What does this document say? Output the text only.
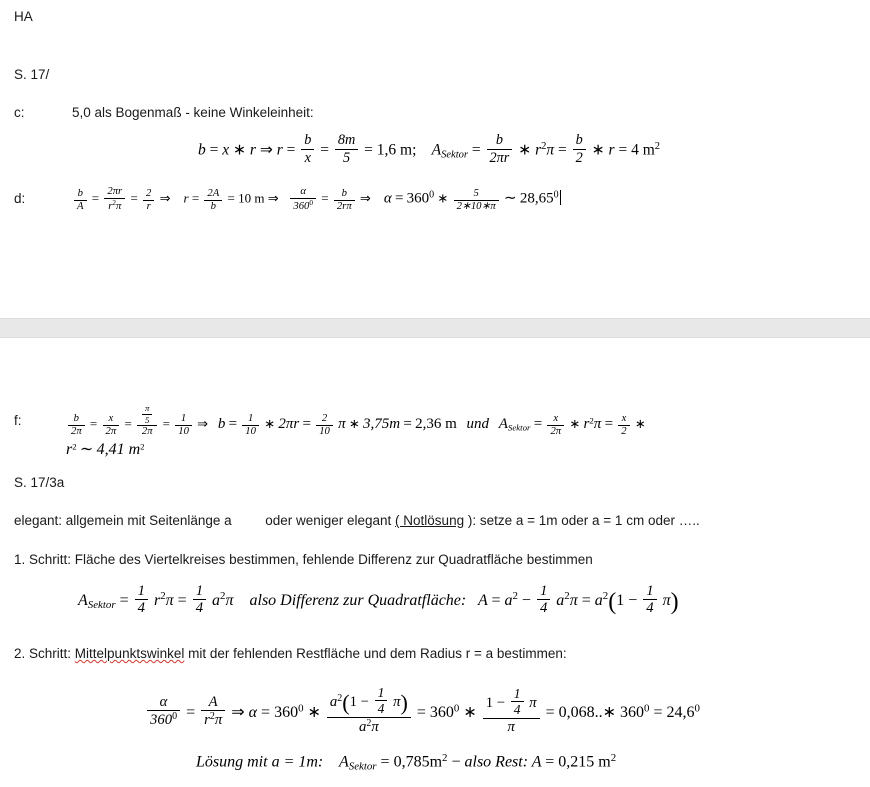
HA
S. 17/
c:	5,0 als Bogenmaß - keine Winkeleinheit:
b = x ∗ r ⇒ $r = \frac{b}{x} = \frac{8m}{5} = 1,6$ m; $A_{Sektor} = \frac{b}{2\pi r}$ ∗ $r^2\pi = \frac{b}{2}$ ∗ r = 4 $m^2$
d:	$\frac{b}{A} = \frac{2\pi r}{r^2\pi} = \frac{2}{r}$ ⇒ $r = \frac{2A}{b} = 10$ m ⇒ $\frac{\alpha}{360^0} = \frac{b}{2r\pi}$ ⇒ $\alpha = 360^0$ ∗ $\frac{5}{2∗10∗\pi}$ ∼ 28,65$^0$
f:	$\frac{b}{2\pi} = \frac{x}{2\pi} = \frac{\frac{\pi}{5}}{2\pi} = \frac{1}{10}$ ⇒ $b = \frac{1}{10}$ ∗ $2\pi r = \frac{2}{10}$ π ∗ 3,75m = 2,36 m und $A_{Sektor} = \frac{x}{2\pi}$ ∗ $r^2\pi = \frac{x}{2}$ ∗
$r^2$ ∼ 4,41 $m^2$
S. 17/3a
elegant: allgemein mit Seitenlänge a oder weniger elegant ( Notlösung ): setze a = 1m oder a = 1 cm oder …..
1. Schritt: Fläche des Viertelkreises bestimmen, fehlende Differenz zur Quadratfläche bestimmen
$A_{Sektor} = \frac{1}{4} r^2\pi = \frac{1}{4} a^2\pi$ also Differenz zur Quadratfläche: $A = a^2 - \frac{1}{4} a^2\pi = a^2(1 - \frac{1}{4} \pi)$
2. Schritt: Mittelpunktswinkel mit der fehlenden Restfläche und dem Radius r = a bestimmen:
$\frac{\alpha}{360^0} = \frac{A}{r^2\pi}$ ⇒ $\alpha = 360^0$ ∗
$a^2(1 - \frac{1}{4} \pi)$
$a^2\pi$
= $360^0$ ∗
$1 - \frac{1}{4}$ π
π
= 0,068..∗ $360^0 = 24,6^0$
Lösung mit a = 1m: $A_{Sektor} = 0,785m^2$ − also Rest: A = 0,215 $m^2$
